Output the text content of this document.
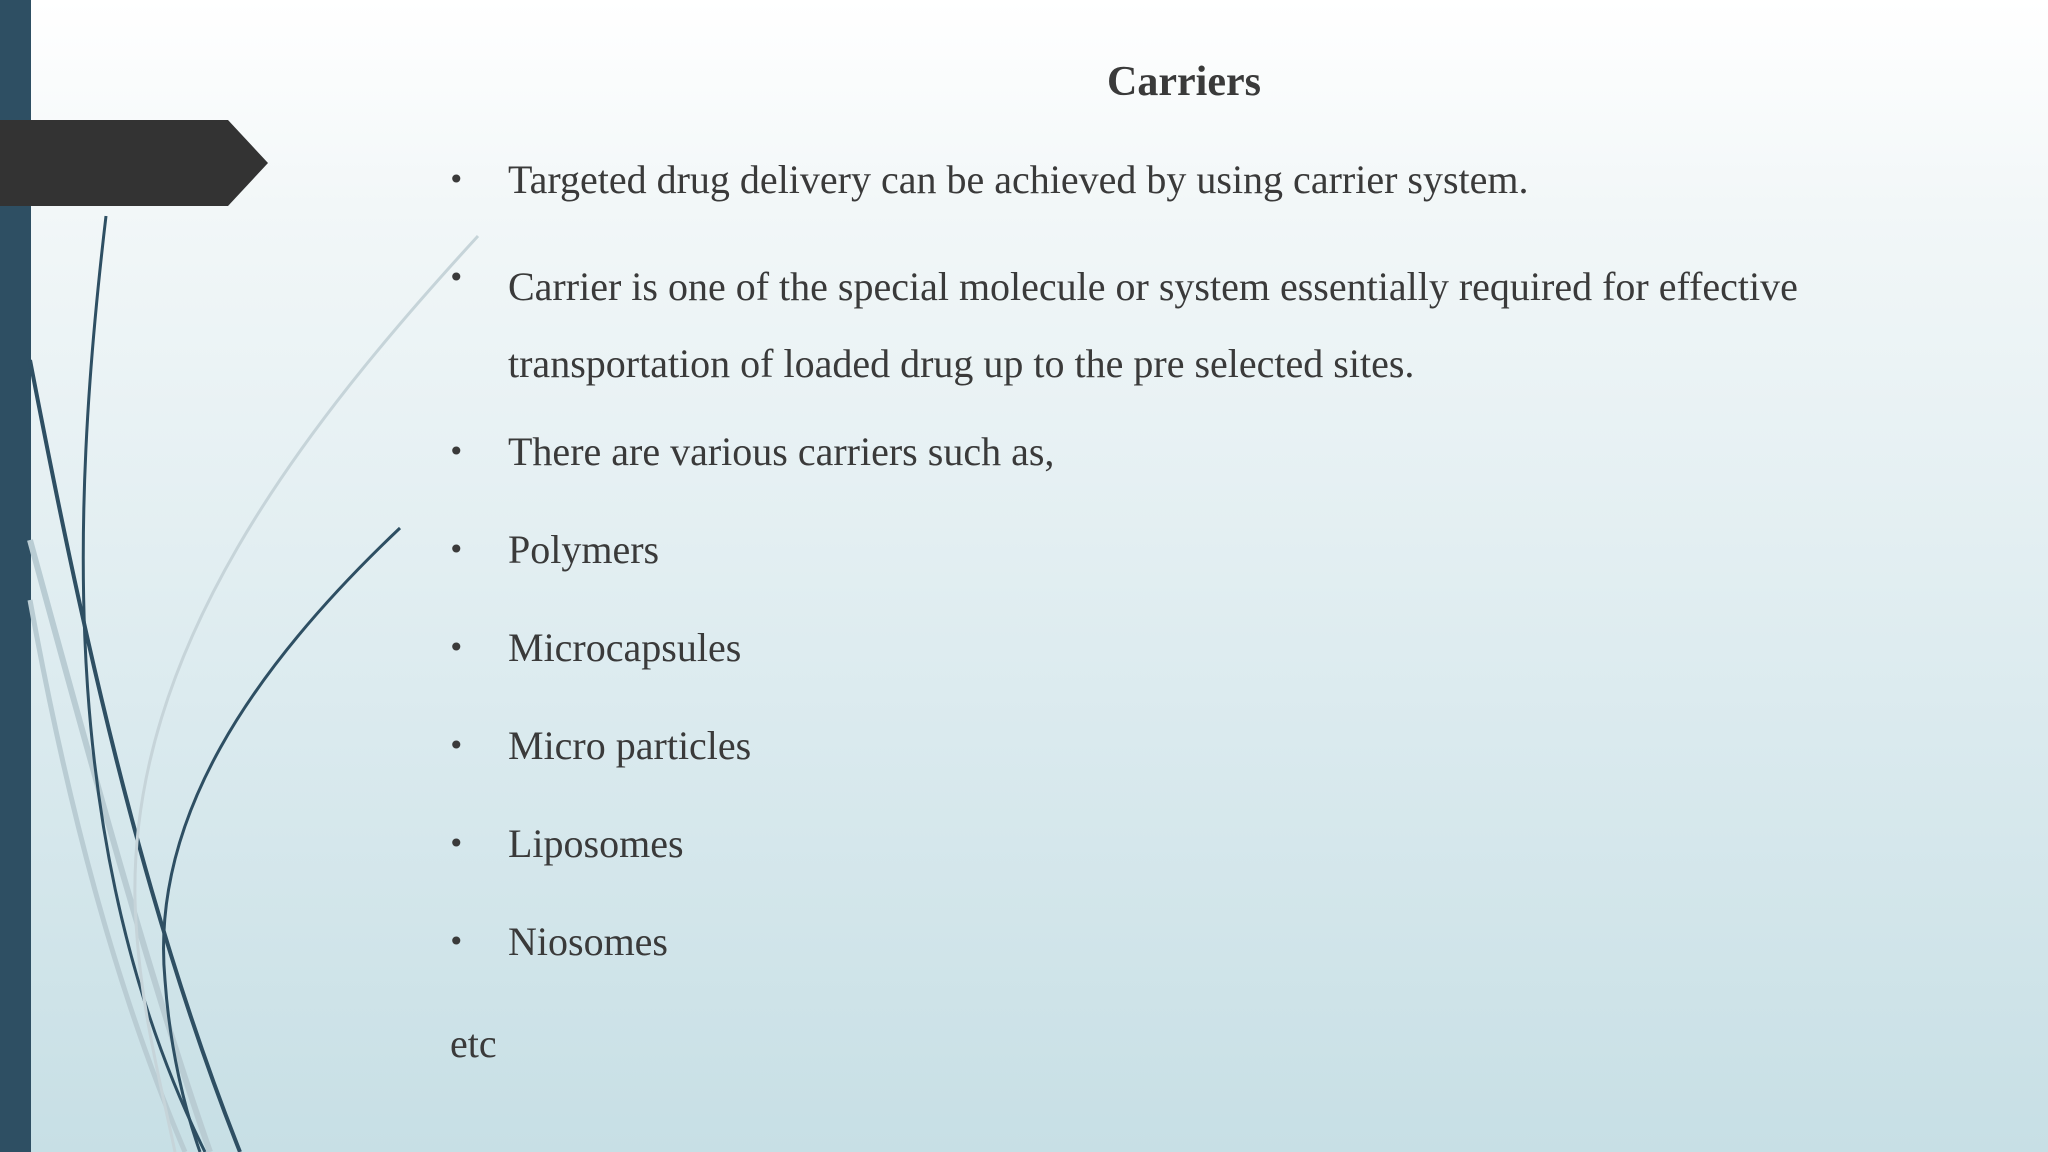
Carriers
• Targeted drug delivery can be achieved by using carrier system.
• Carrier is one of the special molecule or system essentially required for effective transportation of loaded drug up to the pre selected sites.
• There are various carriers such as,
• Polymers
• Microcapsules
• Micro particles
• Liposomes
• Niosomes
etc
